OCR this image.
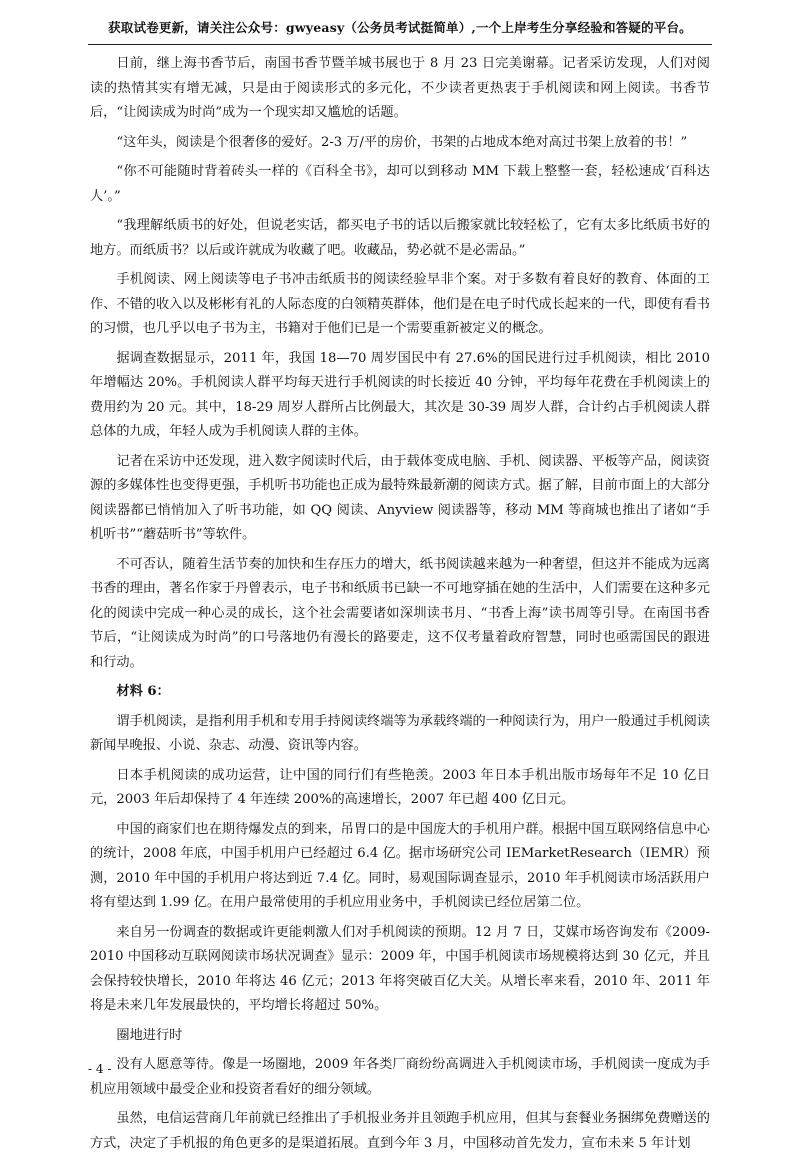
获取试卷更新，请关注公众号：gwyeasy（公务员考试挺简单）,一个上岸考生分享经验和答疑的平台。

日前，继上海书香节后，南国书香节暨羊城书展也于 8 月 23 日完美谢幕。记者采访发现，人们对阅读的热情其实有增无减，只是由于阅读形式的多元化，不少读者更热衷于手机阅读和网上阅读。书香节后，“让阅读成为时尚”成为一个现实却又尴尬的话题。

“这年头，阅读是个很奢侈的爱好。2-3 万/平的房价，书架的占地成本绝对高过书架上放着的书！”

“你不可能随时背着砖头一样的《百科全书》，却可以到移动 MM 下载上整整一套，轻松速成‘百科达人’。”

“我理解纸质书的好处，但说老实话，都买电子书的话以后搬家就比较轻松了，它有太多比纸质书好的地方。而纸质书？以后或许就成为收藏了吧。收藏品，势必就不是必需品。”

手机阅读、网上阅读等电子书冲击纸质书的阅读经验早非个案。对于多数有着良好的教育、体面的工作、不错的收入以及彬彬有礼的人际态度的白领精英群体，他们是在电子时代成长起来的一代，即使有看书的习惯，也几乎以电子书为主，书籍对于他们已是一个需要重新被定义的概念。

据调查数据显示，2011 年，我国 18—70 周岁国民中有 27.6%的国民进行过手机阅读，相比 2010 年增幅达 20%。手机阅读人群平均每天进行手机阅读的时长接近 40 分钟，平均每年花费在手机阅读上的费用约为 20 元。其中，18-29 周岁人群所占比例最大，其次是 30-39 周岁人群，合计约占手机阅读人群总体的九成，年轻人成为手机阅读人群的主体。

记者在采访中还发现，进入数字阅读时代后，由于载体变成电脑、手机、阅读器、平板等产品，阅读资源的多媒体性也变得更强，手机听书功能也正成为最特殊最新潮的阅读方式。据了解，目前市面上的大部分阅读器都已悄悄加入了听书功能，如 QQ 阅读、Anyview 阅读器等，移动 MM 等商城也推出了诸如“手机听书”“蘑菇听书”等软件。

不可否认，随着生活节奏的加快和生存压力的增大，纸书阅读越来越为一种奢望，但这并不能成为远离书香的理由，著名作家于丹曾表示，电子书和纸质书已缺一不可地穿插在她的生活中，人们需要在这种多元化的阅读中完成一种心灵的成长，这个社会需要诸如深圳读书月、“书香上海”读书周等引导。在南国书香节后，“让阅读成为时尚”的口号落地仍有漫长的路要走，这不仅考量着政府智慧，同时也亟需国民的跟进和行动。

材料 6：

谓手机阅读，是指利用手机和专用手持阅读终端等为承载终端的一种阅读行为，用户一般通过手机阅读新闻早晚报、小说、杂志、动漫、资讯等内容。

日本手机阅读的成功运营，让中国的同行们有些艳羡。2003 年日本手机出版市场每年不足 10 亿日元，2003 年后却保持了 4 年连续 200%的高速增长，2007 年已超 400 亿日元。

中国的商家们也在期待爆发点的到来，吊胃口的是中国庞大的手机用户群。根据中国互联网络信息中心的统计，2008 年底，中国手机用户已经超过 6.4 亿。据市场研究公司 IEMarketResearch（IEMR）预测，2010 年中国的手机用户将达到近 7.4 亿。同时，易观国际调查显示，2010 年手机阅读市场活跃用户将有望达到 1.99 亿。在用户最常使用的手机应用业务中，手机阅读已经位居第二位。

来自另一份调查的数据或许更能刺激人们对手机阅读的预期。12 月 7 日，艾媒市场咨询发布《2009-2010 中国移动互联网阅读市场状况调查》显示：2009 年，中国手机阅读市场规模将达到 30 亿元，并且会保持较快增长，2010 年将达 46 亿元；2013 年将突破百亿大关。从增长率来看，2010 年、2011 年将是未来几年发展最快的，平均增长将超过 50%。

圈地进行时

没有人愿意等待。像是一场圈地，2009 年各类厂商纷纷高调进入手机阅读市场，手机阅读一度成为手机应用领域中最受企业和投资者看好的细分领域。

虽然，电信运营商几年前就已经推出了手机报业务并且领跑手机应用，但其与套餐业务捆绑免费赠送的方式，决定了手机报的角色更多的是渠道拓展。直到今年 3 月，中国移动首先发力，宣布未来 5 年计划

- 4 -
